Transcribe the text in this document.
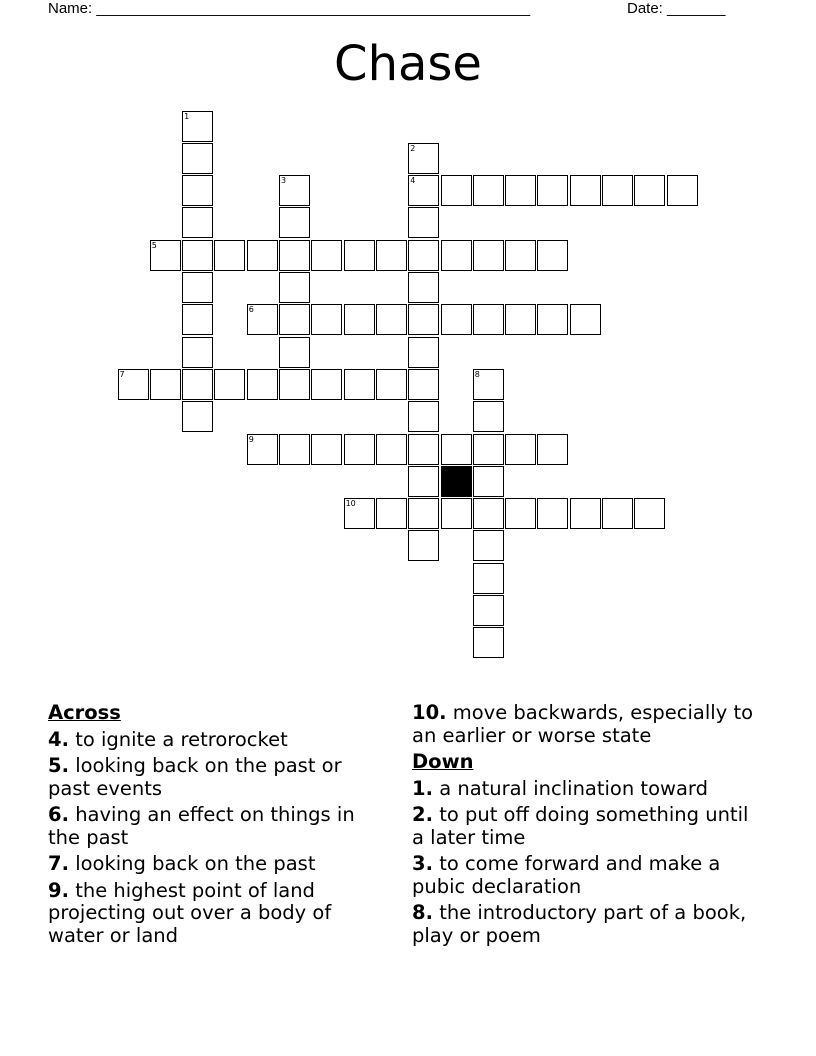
Name: ____________________________________________________	Date: _______
Chase
1
2
4
3
5
6
7	8
9
10
Across
4. to ignite a retrorocket
5. looking back on the past or past events
6. having an effect on things in the past
7. looking back on the past
9. the highest point of land projecting out over a body of water or land
10. move backwards, especially to an earlier or worse state
Down
1. a natural inclination toward
2. to put off doing something until a later time
3. to come forward and make a pubic declaration
8. the introductory part of a book, play or poem
